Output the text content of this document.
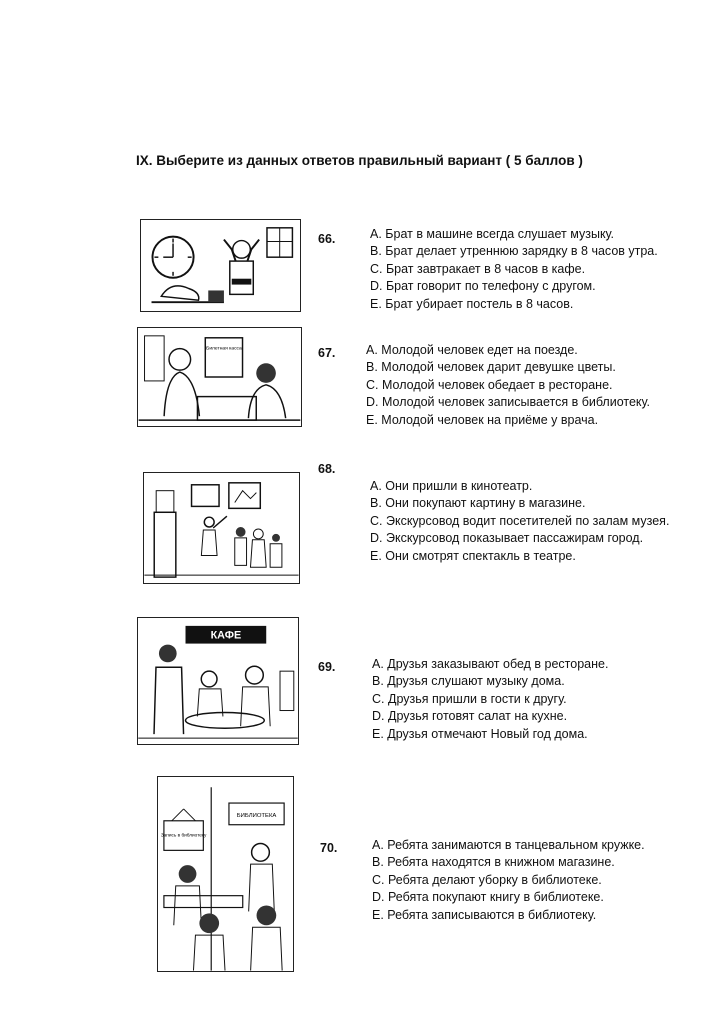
IX. Выберите из данных ответов правильный вариант ( 5 баллов )
66.	A. Брат в машине всегда слушает музыку.
B. Брат делает утреннюю зарядку в 8 часов утра.
C. Брат завтракает в 8 часов в кафе.
D. Брат говорит по телефону с другом.
E. Брат убирает постель в 8 часов.
Билетная касса	67. A. Молодой человек едет на поезде.
B. Молодой человек дарит девушке цветы.
C. Молодой человек обедает в ресторане.
D. Молодой человек записывается в библиотеку.
E. Молодой человек на приёме у врача.
68.
A. Они пришли в кинотеатр.
B. Они покупают картину в магазине.
C. Экскурсовод водит посетителей по залам музея.
D. Экскурсовод показывает пассажирам город.
E. Они смотрят спектакль в театре.
КАФЕ
69.	A. Друзья заказывают обед в ресторане.
B. Друзья слушают музыку дома.
C. Друзья пришли в гости к другу.
D. Друзья готовят салат на кухне.
E. Друзья отмечают Новый год дома.
Запись в библиотеку
БИБЛИОТЕКА
70.	A. Ребята занимаются в танцевальном кружке.
B. Ребята находятся в книжном магазине.
C. Ребята делают уборку в библиотеке.
D. Ребята покупают книгу в библиотеке.
E. Ребята записываются в библиотеку.
